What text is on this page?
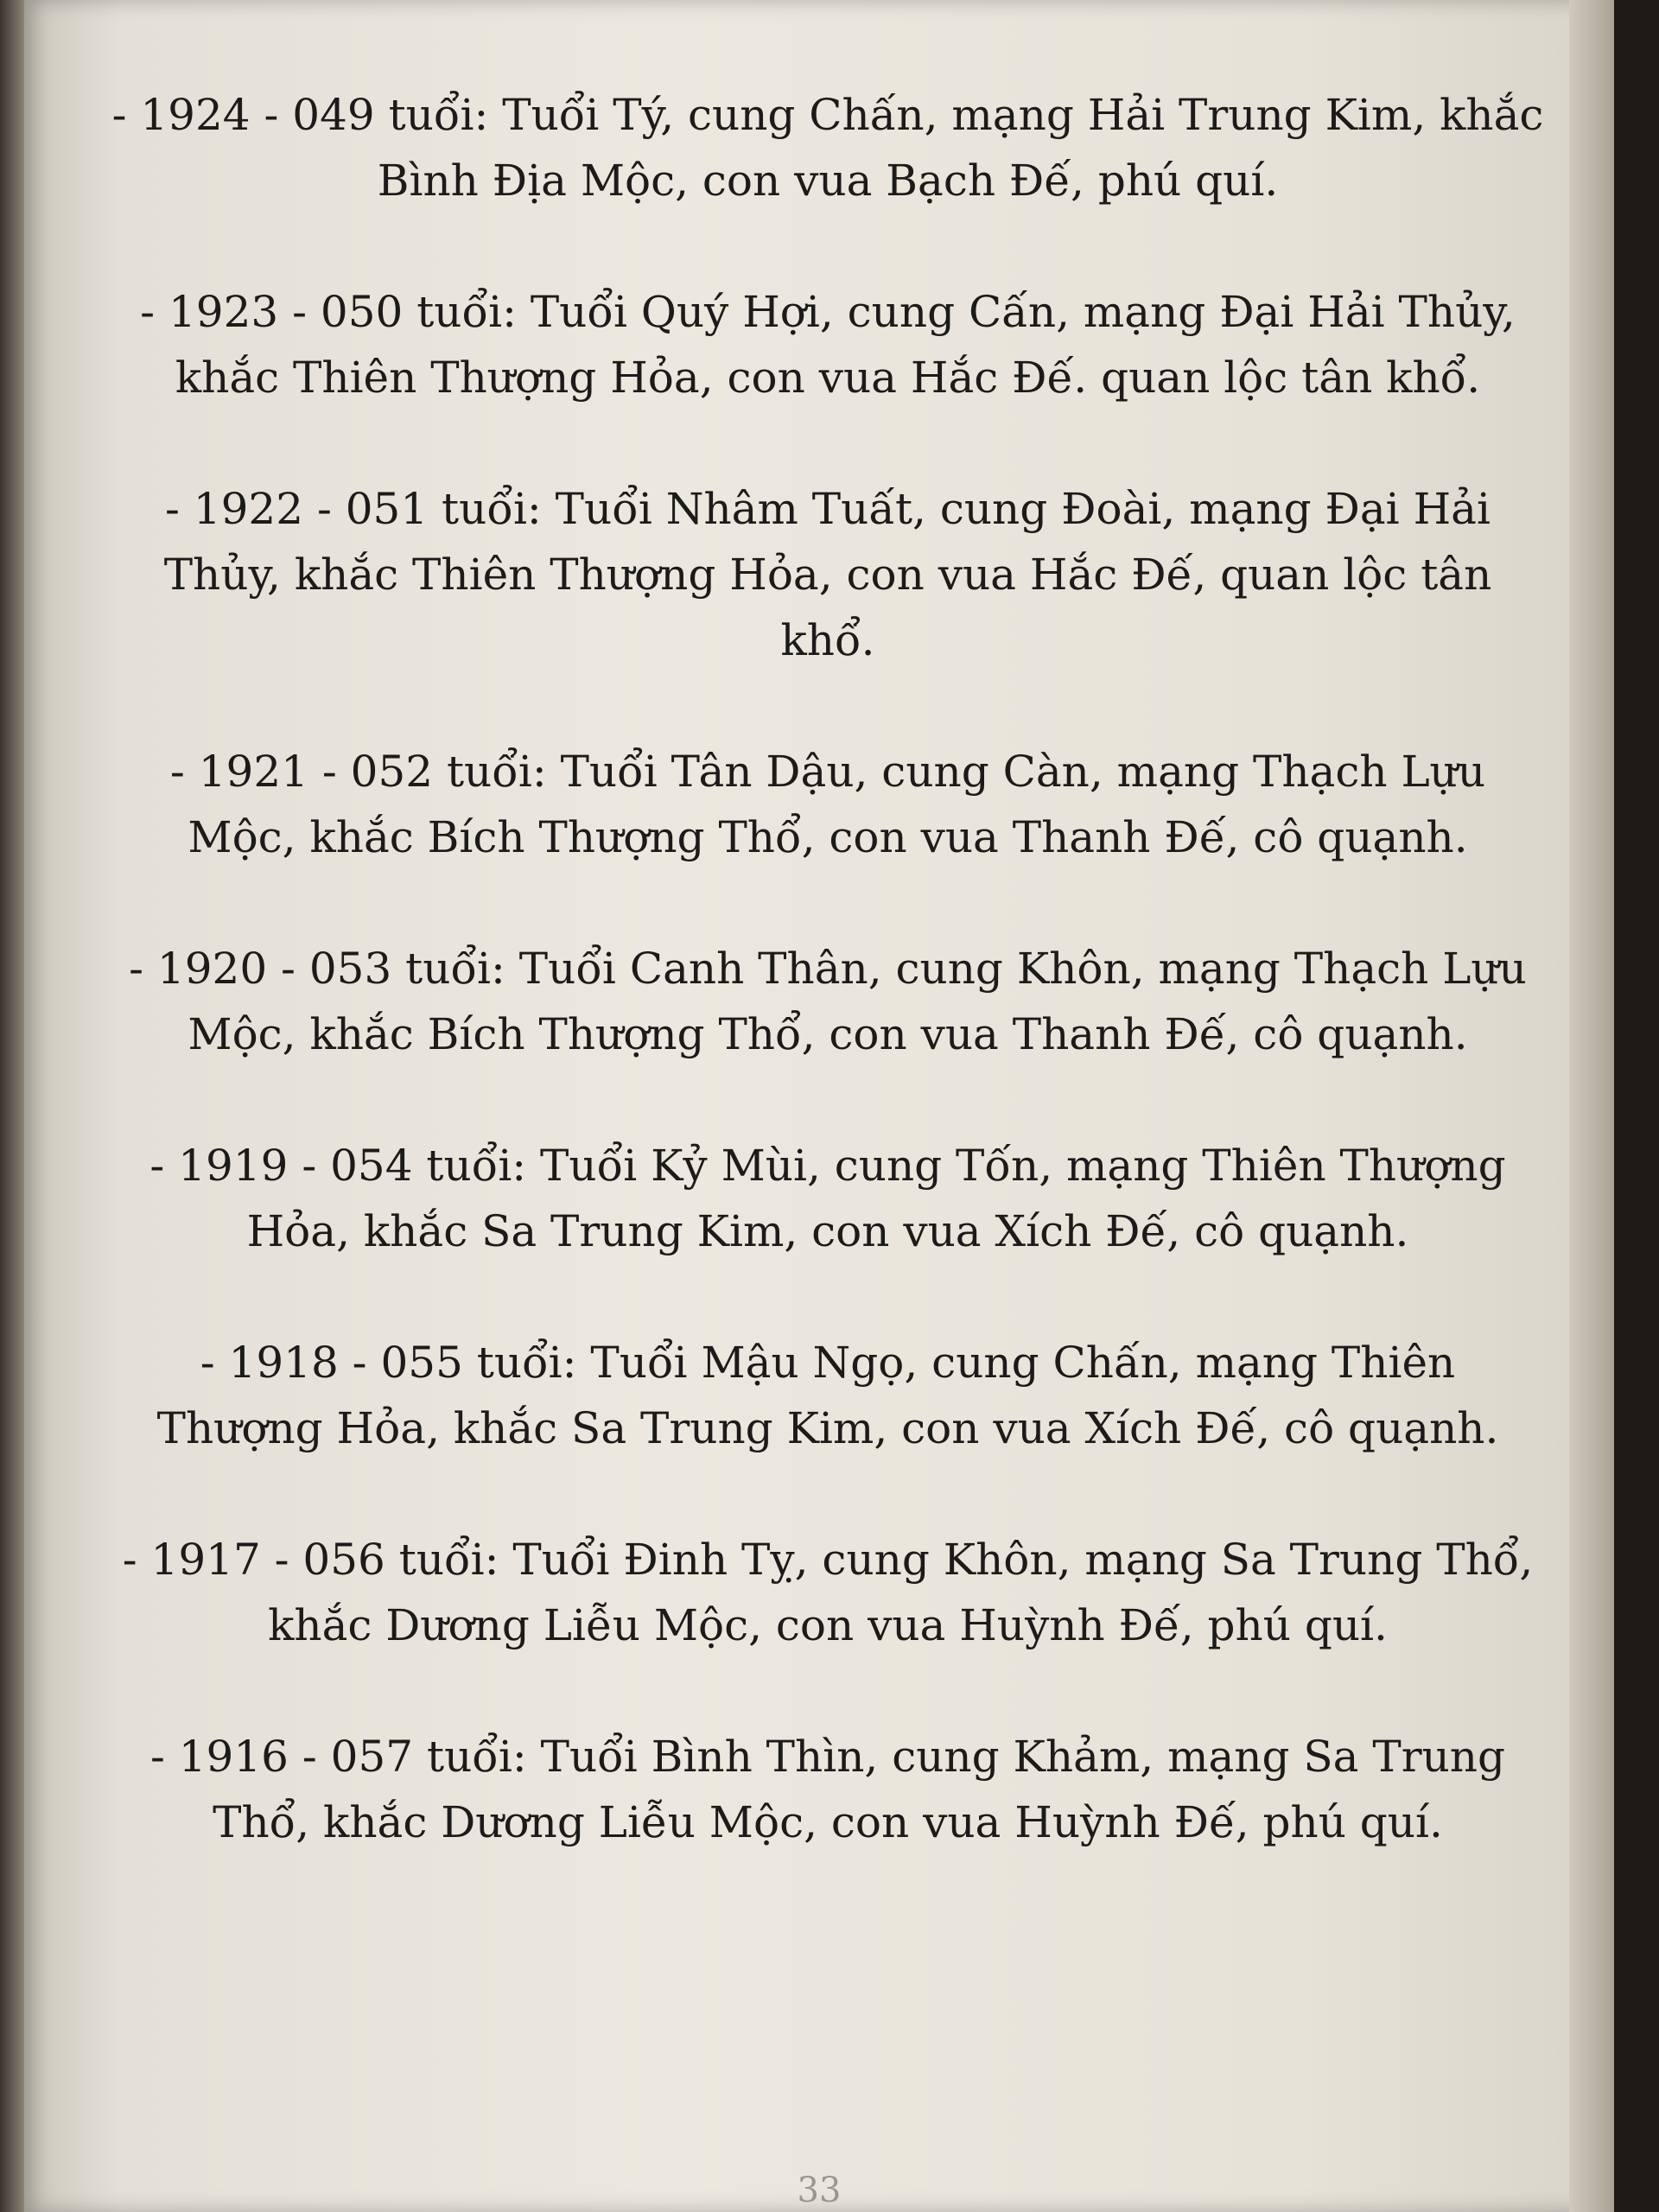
- 1924 - 049 tuổi: Tuổi Tý, cung Chấn, mạng Hải Trung Kim, khắc Bình Địa Mộc, con vua Bạch Đế, phú quí.

- 1923 - 050 tuổi: Tuổi Quý Hợi, cung Cấn, mạng Đại Hải Thủy, khắc Thiên Thượng Hỏa, con vua Hắc Đế. quan lộc tân khổ.

- 1922 - 051 tuổi: Tuổi Nhâm Tuất, cung Đoài, mạng Đại Hải Thủy, khắc Thiên Thượng Hỏa, con vua Hắc Đế, quan lộc tân khổ.

- 1921 - 052 tuổi: Tuổi Tân Dậu, cung Càn, mạng Thạch Lựu Mộc, khắc Bích Thượng Thổ, con vua Thanh Đế, cô quạnh.

- 1920 - 053 tuổi: Tuổi Canh Thân, cung Khôn, mạng Thạch Lựu Mộc, khắc Bích Thượng Thổ, con vua Thanh Đế, cô quạnh.

- 1919 - 054 tuổi: Tuổi Kỷ Mùi, cung Tốn, mạng Thiên Thượng Hỏa, khắc Sa Trung Kim, con vua Xích Đế, cô quạnh.

- 1918 - 055 tuổi: Tuổi Mậu Ngọ, cung Chấn, mạng Thiên Thượng Hỏa, khắc Sa Trung Kim, con vua Xích Đế, cô quạnh.

- 1917 - 056 tuổi: Tuổi Đinh Tỵ, cung Khôn, mạng Sa Trung Thổ, khắc Dương Liễu Mộc, con vua Huỳnh Đế, phú quí.

- 1916 - 057 tuổi: Tuổi Bình Thìn, cung Khảm, mạng Sa Trung Thổ, khắc Dương Liễu Mộc, con vua Huỳnh Đế, phú quí.

33
